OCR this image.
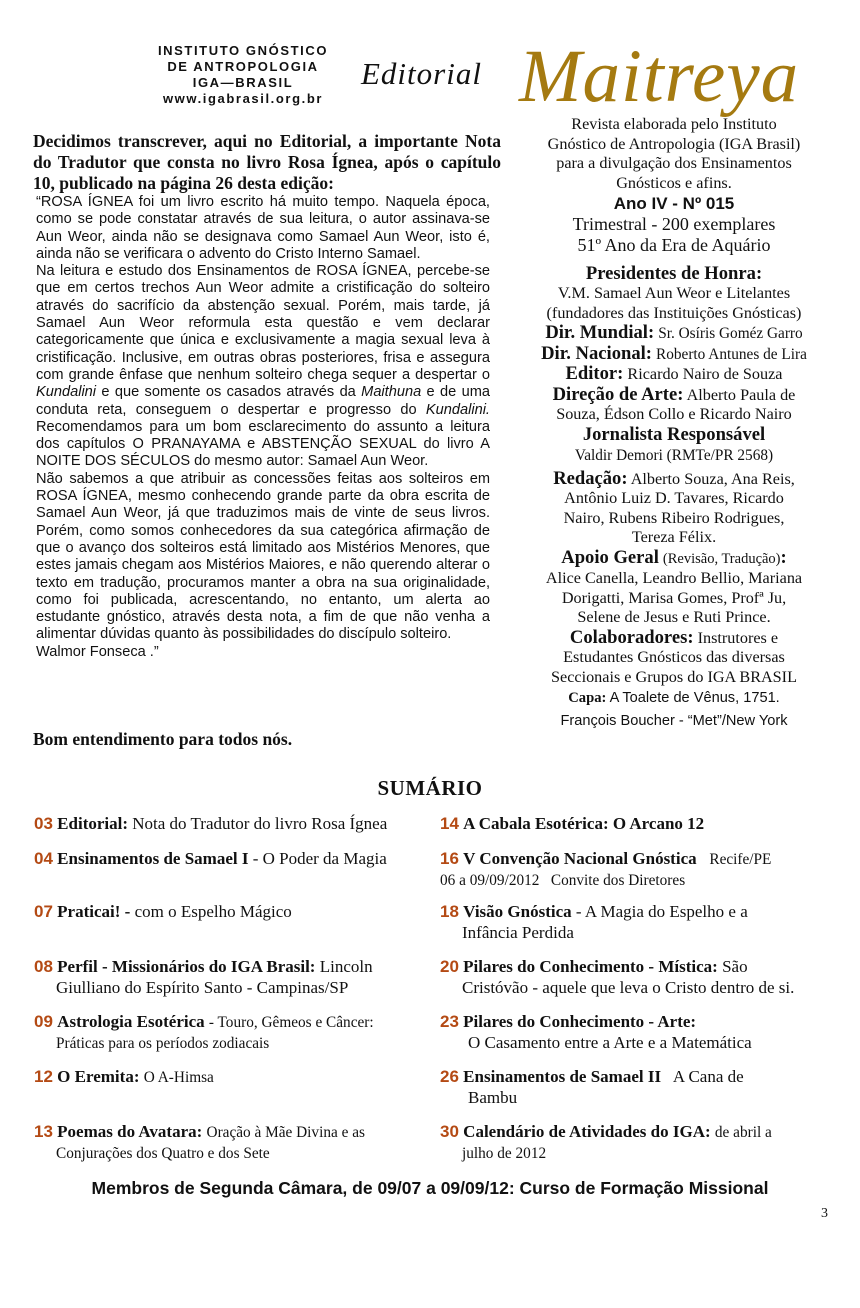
INSTITUTO GNÓSTICO
DE ANTROPOLOGIA
IGA—BRASIL
www.igabrasil.org.br
Editorial Maitreya
Decidimos transcrever, aqui no Editorial, a importante Nota do Tradutor que consta no livro Rosa Ígnea, após o capítulo 10, publicado na página 26 desta edição:

“ROSA ÍGNEA foi um livro escrito há muito tempo. Naquela época, como se pode constatar através de sua leitura, o autor assinava-se Aun Weor, ainda não se designava como Samael Aun Weor, isto é, ainda não se verificara o advento do Cristo Interno Samael.

Na leitura e estudo dos Ensinamentos de ROSA ÍGNEA, percebe-se que em certos trechos Aun Weor admite a cristificação do solteiro através do sacrifício da abstenção sexual. Porém, mais tarde, já Samael Aun Weor reformula esta questão e vem declarar categoricamente que única e exclusivamente a magia sexual leva à cristificação. Inclusive, em outras obras posteriores, frisa e assegura com grande ênfase que nenhum solteiro chega sequer a despertar o Kundalini e que somente os casados através da Maithuna e de uma conduta reta, conseguem o despertar e progresso do Kundalini. Recomendamos para um bom esclarecimento do assunto a leitura dos capítulos O PRANAYAMA e ABSTENÇÃO SEXUAL do livro A NOITE DOS SÉCULOS do mesmo autor: Samael Aun Weor.

Não sabemos a que atribuir as concessões feitas aos solteiros em ROSA ÍGNEA, mesmo conhecendo grande parte da obra escrita de Samael Aun Weor, já que traduzimos mais de vinte de seus livros. Porém, como somos conhecedores da sua categórica afirmação de que o avanço dos solteiros está limitado aos Mistérios Menores, que estes jamais chegam aos Mistérios Maiores, e não querendo alterar o texto em tradução, procuramos manter a obra na sua originalidade, como foi publicada, acrescentando, no entanto, um alerta ao estudante gnóstico, através desta nota, a fim de que não venha a alimentar dúvidas quanto às possibilidades do discípulo solteiro.

Walmor Fonseca .”

Bom entendimento para todos nós.
Revista elaborada pelo Instituto
Gnóstico de Antropologia (IGA Brasil)
para a divulgação dos Ensinamentos
Gnósticos e afins.
Ano IV - Nº 015
Trimestral - 200 exemplares
51º Ano da Era de Aquário
Presidentes de Honra:
V.M. Samael Aun Weor e Litelantes
(fundadores das Instituições Gnósticas)
Dir. Mundial: Sr. Osíris Goméz Garro
Dir. Nacional: Roberto Antunes de Lira
Editor: Ricardo Nairo de Souza
Direção de Arte: Alberto Paula de
Souza, Édson Collo e Ricardo Nairo
Jornalista Responsável
Valdir Demori (RMTe/PR 2568)
Redação: Alberto Souza, Ana Reis,
Antônio Luiz D. Tavares, Ricardo
Nairo, Rubens Ribeiro Rodrigues,
Tereza Félix.
Apoio Geral (Revisão, Tradução):
Alice Canella, Leandro Bellio, Mariana
Dorigatti, Marisa Gomes, Profª Ju,
Selene de Jesus e Ruti Prince.
Colaboradores: Instrutores e
Estudantes Gnósticos das diversas
Seccionais e Grupos do IGA BRASIL
Capa: A Toalete de Vênus, 1751.
François Boucher - “Met”/New York
SUMÁRIO
03 Editorial: Nota do Tradutor do livro Rosa Ígnea
04 Ensinamentos de Samael I - O Poder da Magia
07 Praticai! - com o Espelho Mágico
08 Perfil - Missionários do IGA Brasil: Lincoln
Giulliano do Espírito Santo - Campinas/SP
09 Astrologia Esotérica - Touro, Gêmeos e Câncer:
Práticas para os períodos zodiacais
12 O Eremita: O A-Himsa
13 Poemas do Avatara: Oração à Mãe Divina e as
Conjurações dos Quatro e dos Sete
14 A Cabala Esotérica: O Arcano 12
16 V Convenção Nacional Gnóstica Recife/PE
06 a 09/09/2012   Convite dos Diretores
18 Visão Gnóstica - A Magia do Espelho e a
Infância Perdida
20 Pilares do Conhecimento - Mística: São
Cristóvão - aquele que leva o Cristo dentro de si.
23 Pilares do Conhecimento - Arte:
O Casamento entre a Arte e a Matemática
26 Ensinamentos de Samael II A Cana de
Bambu
30 Calendário de Atividades do IGA: de abril a
julho de 2012
Membros de Segunda Câmara, de 09/07 a 09/09/12: Curso de Formação Missional
3
